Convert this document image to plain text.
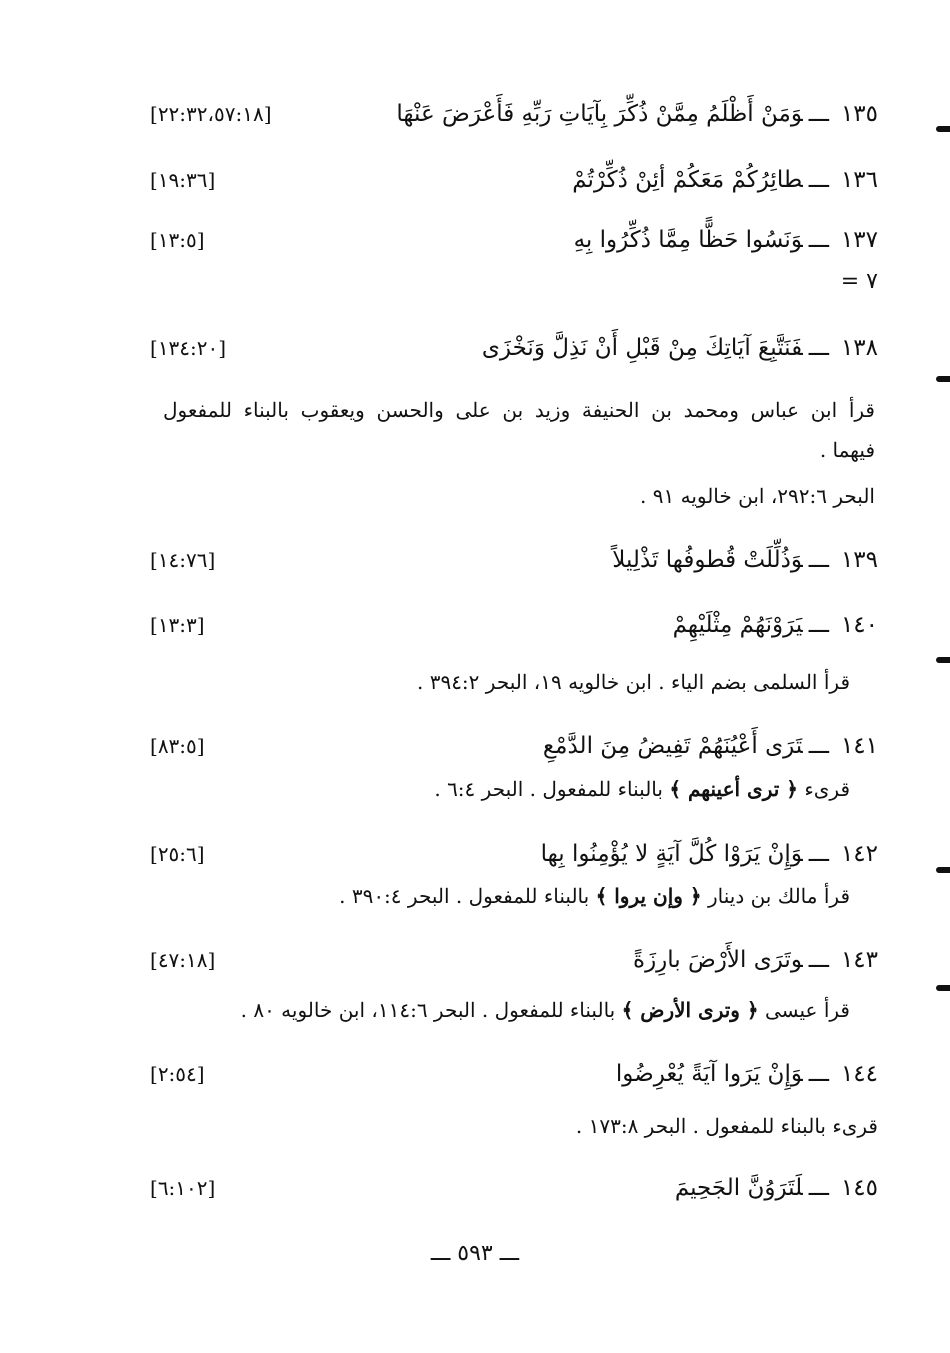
١٣٥ـــوَمَنْ أَظْلَمُ مِمَّنْ ذُكِّرَ بِآيَاتِ رَبِّهِ فَأَعْرَضَ عَنْهَا
[٢٢:٣٢،٥٧:١٨]
١٣٦ـــطائِرُكُمْ مَعَكُمْ أئِنْ ذُكِّرْتُمْ
[١٩:٣٦]
١٣٧ـــوَنَسُوا حَظًّا مِمَّا ذُكِّرُوا بِهِ
[١٣:٥]
٧ =
١٣٨ـــفَنَتَّبِعَ آيَاتِكَ مِنْ قَبْلِ أَنْ نَذِلَّ وَنَخْزَى
[١٣٤:٢٠]
قرأ ابن عباس ومحمد بن الحنيفة وزيد بن على والحسن ويعقوب بالبناء للمفعول
فيهما .
البحر ٢٩٢:٦، ابن خالويه ٩١ .
١٣٩ـــوَذُلِّلَتْ قُطوفُها تَذْلِيلاً
[١٤:٧٦]
١٤٠ـــيَرَوْنَهُمْ مِثْلَيْهِمْ
[١٣:٣]
قرأ السلمى بضم الياء . ابن خالويه ١٩، البحر ٣٩٤:٢ .
١٤١ـــتَرَى أَعْيُنَهُمْ تَفِيضُ مِنَ الدَّمْعِ
[٨٣:٥]
قرىء ﴿ ترى أعينهم ﴾ بالبناء للمفعول . البحر ٦:٤ .
١٤٢ـــوَإِنْ يَرَوْا كُلَّ آيَةٍ لا يُؤْمِنُوا بِها
[٢٥:٦]
قرأ مالك بن دينار ﴿ وإن يروا ﴾ بالبناء للمفعول . البحر ٣٩٠:٤ .
١٤٣ـــوتَرَى الأَرْضَ بارِزَةً
[٤٧:١٨]
قرأ عيسى ﴿ وترى الأرض ﴾ بالبناء للمفعول . البحر ١١٤:٦، ابن خالويه ٨٠ .
١٤٤ـــوَإِنْ يَرَوا آيَةً يُعْرِضُوا
[٢:٥٤]
قرىء بالبناء للمفعول . البحر ١٧٣:٨ .
١٤٥ـــلَتَرَوُنَّ الجَحِيمَ
[٦:١٠٢]
ـــ ٥٩٣ ـــ
